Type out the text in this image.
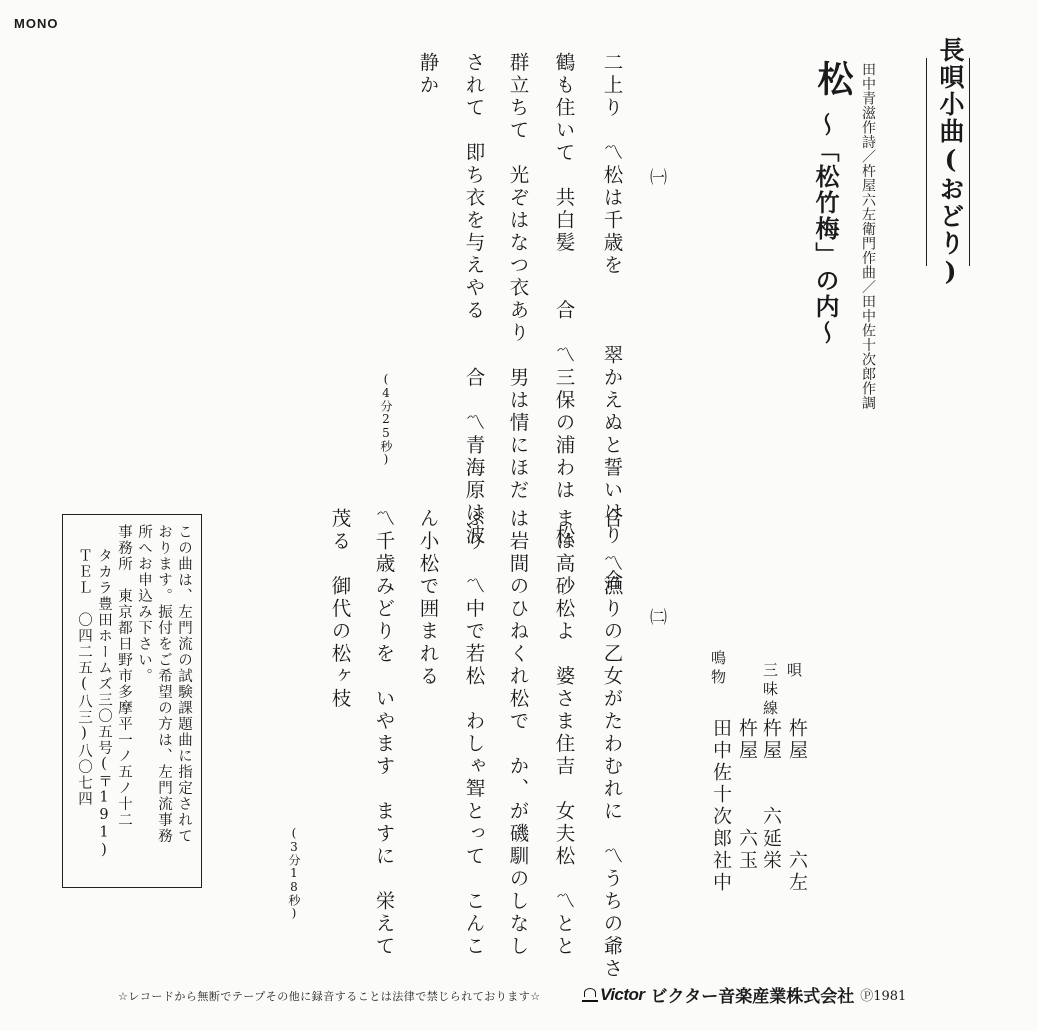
MONO
長唄小曲(おどり)
田中青滋作詩／杵屋六左衛門作曲／田中佐十次郎作調
松
〜「松竹梅」の内〜
㈠
二上り　〽松は千歳を　　　翠かえぬと誓いけり　合
鶴も住いて　共白髪　　合　〽三保の浦わは　松
群立ちて　光ぞはなつ衣あり　男は情にほだ
されて　即ち衣を与えやる　　合　〽青海原は波
静か
(4分25秒)
㈡
合　〽漁りの乙女がたわむれに　〽うちの爺さ
まは高砂松よ　婆さま住吉　女夫松　〽とと
は岩間のひねくれ松で　か、が磯馴のしなし
ぶり　〽中で若松　わしゃ聟とって　こんこ
ん小松で囲まれる
〽千歳みどりを　いやます　ますに　栄えて
茂る　御代の松ヶ枝
(3分18秒)
唄
杵屋　　　　六左
三味線
杵屋　　六延栄
杵屋　　　六玉
鳴物
田中佐十次郎社中
この曲は、左門流の試験課題曲に指定されて
おります。振付をご希望の方は、左門流事務
所へお申込み下さい。
事務所　東京都日野市多摩平一ノ五ノ十二
タカラ豊田ホームズ三〇五号(〒191)
ＴＥＬ　〇四二五(八三)八〇七四
☆レコードから無断でテープその他に録音することは法律で禁じられております☆	Victor ビクター音楽産業株式会社 Ⓟ1981
